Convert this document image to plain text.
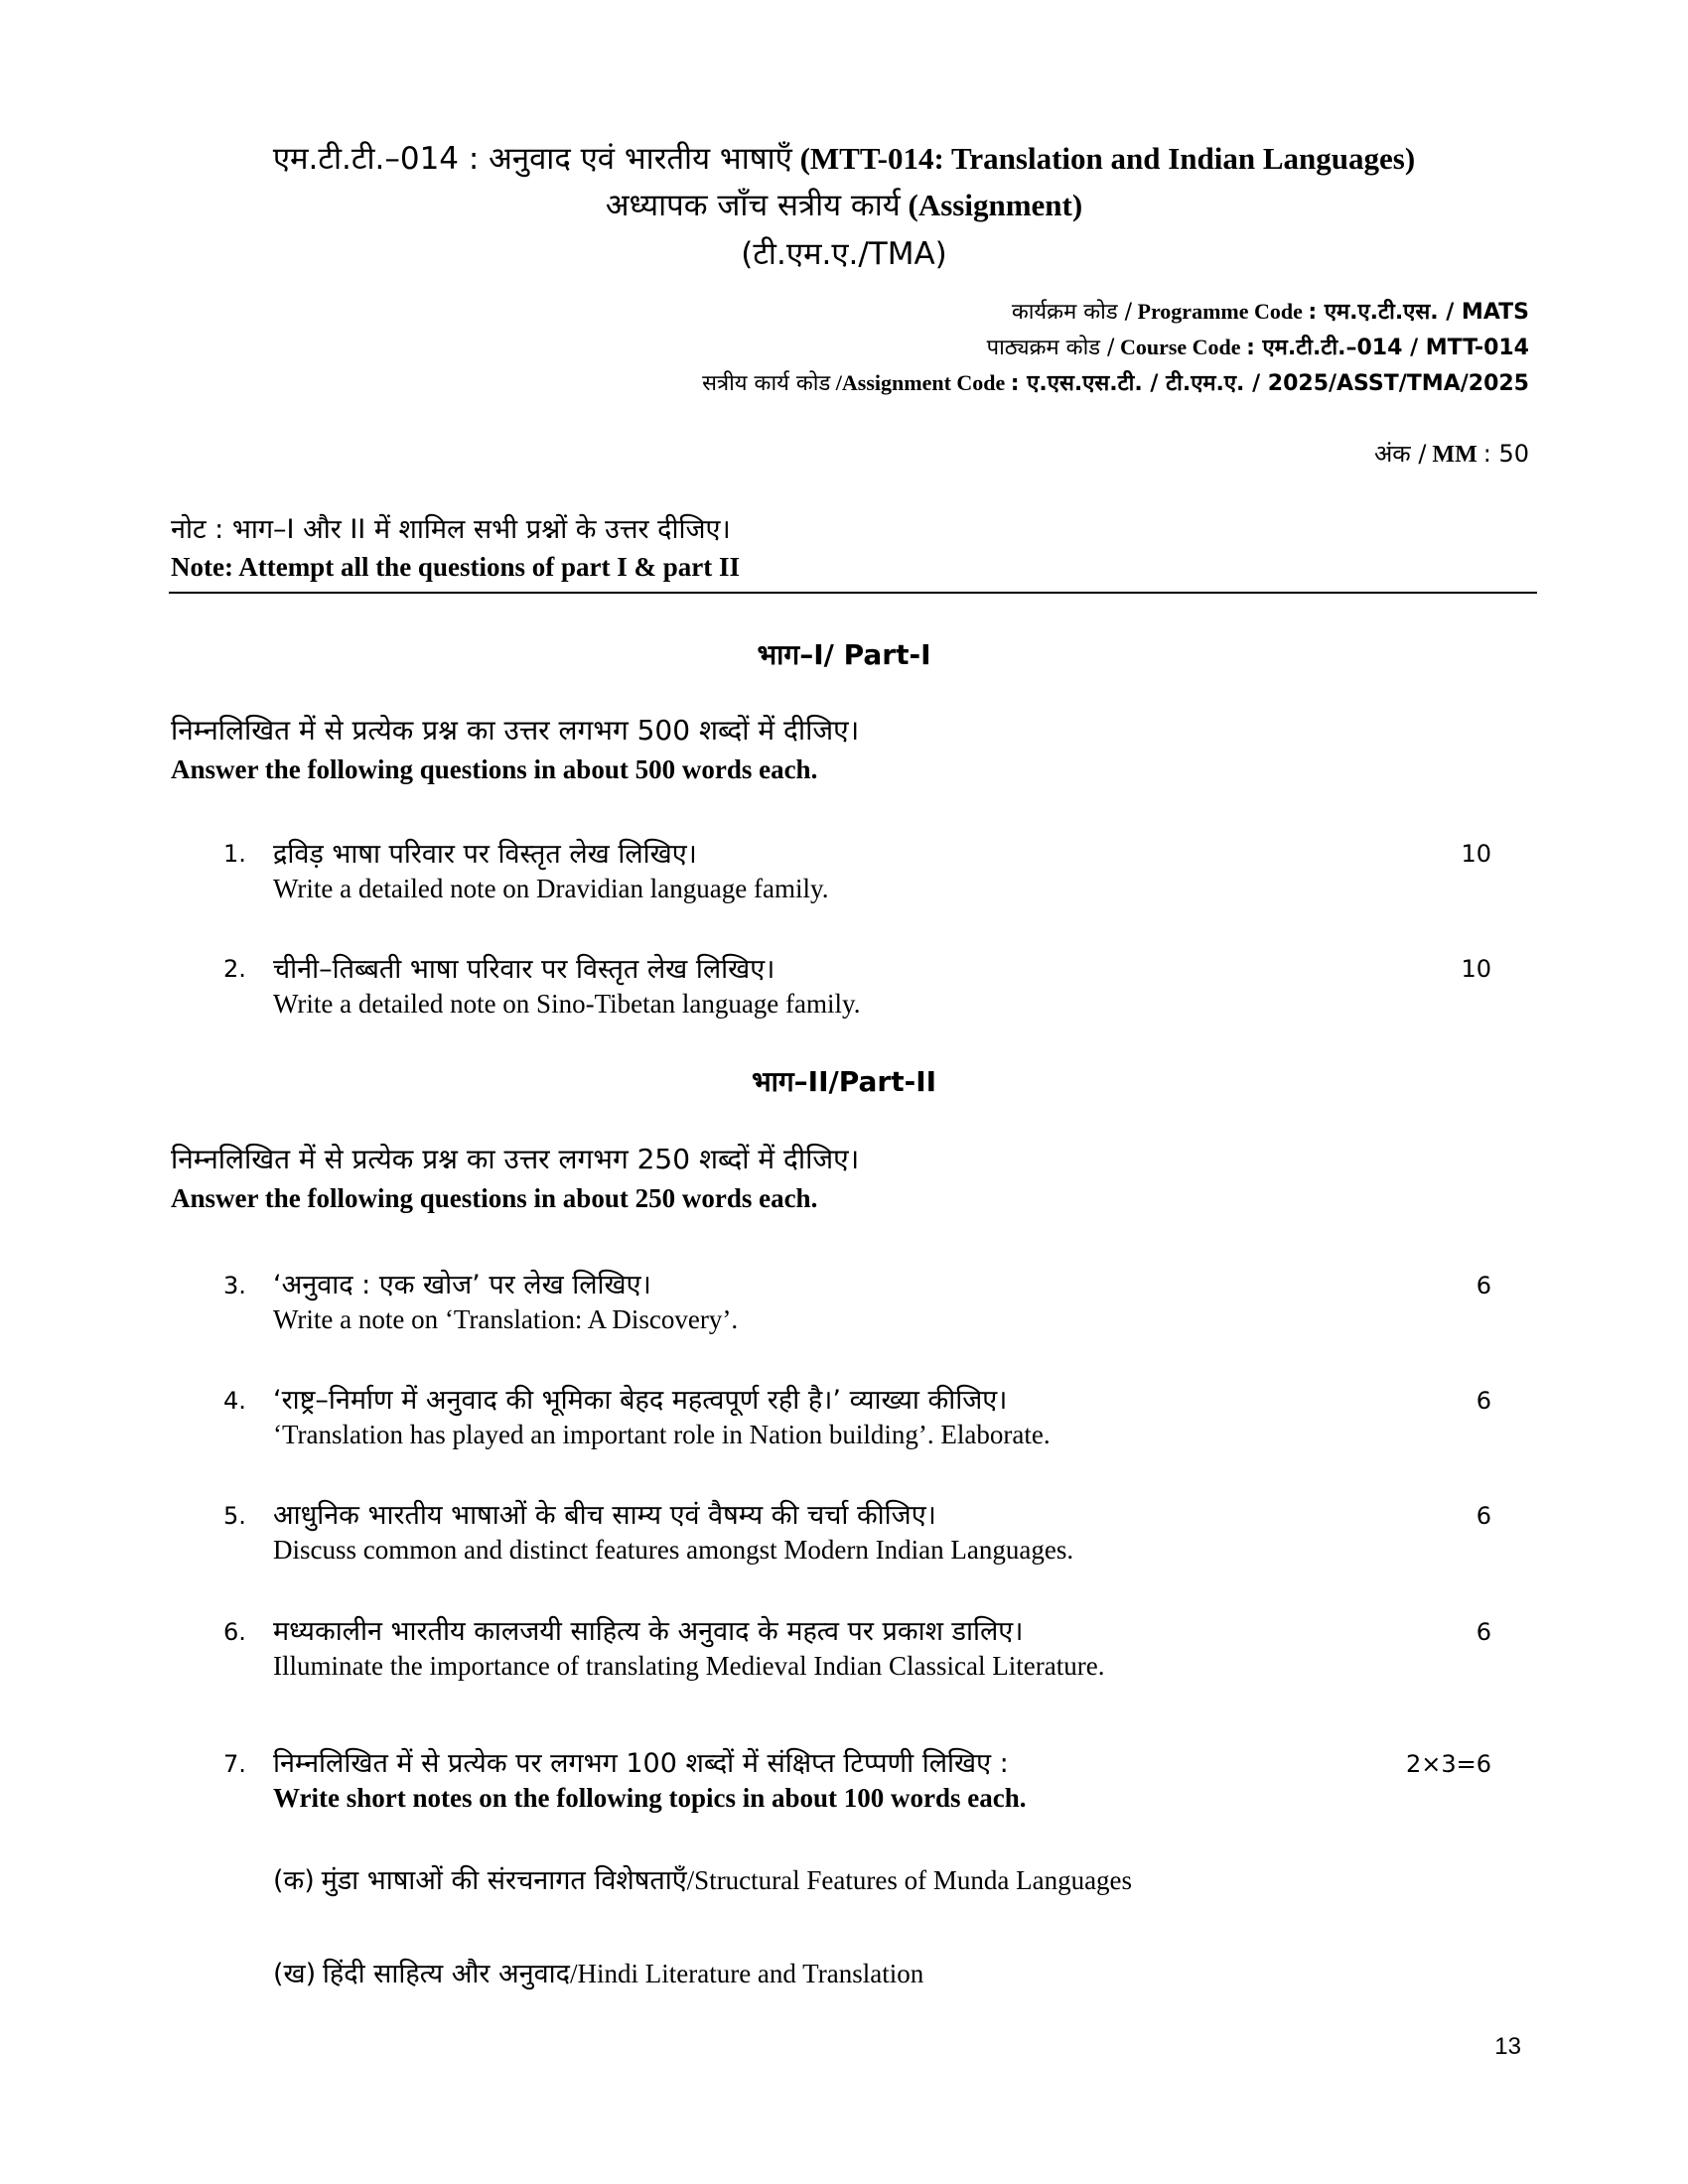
एम.टी.टी.–014 : अनुवाद एवं भारतीय भाषाएँ (MTT-014: Translation and Indian Languages)
अध्यापक जाँच सत्रीय कार्य (Assignment)
(टी.एम.ए./TMA)
कार्यक्रम कोड / Programme Code : एम.ए.टी.एस. / MATS
पाठ्यक्रम कोड / Course Code : एम.टी.टी.–014 / MTT-014
सत्रीय कार्य कोड /Assignment Code : ए.एस.एस.टी. / टी.एम.ए. / 2025/ASST/TMA/2025
अंक / MM : 50
नोट : भाग–I और II में शामिल सभी प्रश्नों के उत्तर दीजिए।
Note: Attempt all the questions of part I & part II
भाग–I/ Part-I
निम्नलिखित में से प्रत्येक प्रश्न का उत्तर लगभग 500 शब्दों में दीजिए।
Answer the following questions in about 500 words each.
1. द्रविड़ भाषा परिवार पर विस्तृत लेख लिखिए।
Write a detailed note on Dravidian language family.
10
2. चीनी–तिब्बती भाषा परिवार पर विस्तृत लेख लिखिए।
Write a detailed note on Sino-Tibetan language family.
10
भाग–II/Part-II
निम्नलिखित में से प्रत्येक प्रश्न का उत्तर लगभग 250 शब्दों में दीजिए।
Answer the following questions in about 250 words each.
3. ‘अनुवाद : एक खोज’ पर लेख लिखिए।
Write a note on ‘Translation: A Discovery’.
6
4. ‘राष्ट्र–निर्माण में अनुवाद की भूमिका बेहद महत्वपूर्ण रही है।’ व्याख्या कीजिए।
‘Translation has played an important role in Nation building’. Elaborate.
6
5. आधुनिक भारतीय भाषाओं के बीच साम्य एवं वैषम्य की चर्चा कीजिए।
Discuss common and distinct features amongst Modern Indian Languages.
6
6. मध्यकालीन भारतीय कालजयी साहित्य के अनुवाद के महत्व पर प्रकाश डालिए।
Illuminate the importance of translating Medieval Indian Classical Literature.
6
7. निम्नलिखित में से प्रत्येक पर लगभग 100 शब्दों में संक्षिप्त टिप्पणी लिखिए :
Write short notes on the following topics in about 100 words each.
2×3=6
(क) मुंडा भाषाओं की संरचनागत विशेषताएँ/Structural Features of Munda Languages
(ख) हिंदी साहित्य और अनुवाद/Hindi Literature and Translation
13
